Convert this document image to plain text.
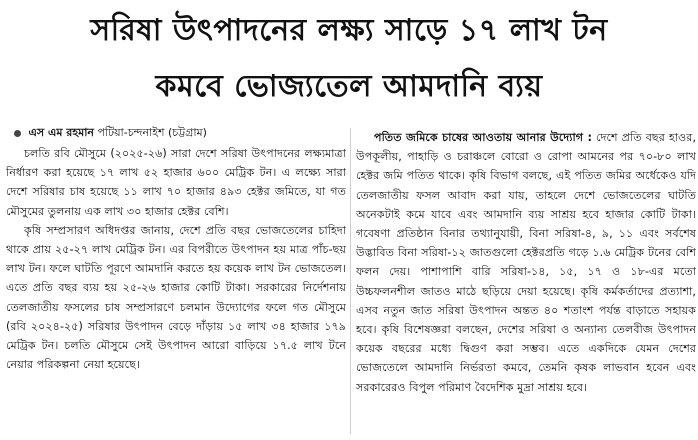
সরিষা উৎপাদনের লক্ষ্য সাড়ে ১৭ লাখ টন
কমবে ভোজ্যতেল আমদানি ব্যয়
এস এম রহমান পটিয়া-চন্দনাইশ (চট্টগ্রাম)

চলতি রবি মৌসুমে (২০২৫-২৬) সারা দেশে সরিষা উৎপাদনের লক্ষ্যমাত্রা নির্ধারণ করা হয়েছে ১৭ লাখ ৫২ হাজার ৬০০ মেট্রিক টন। এ লক্ষ্যে সারা দেশে সরিষার চাষ হয়েছে ১১ লাখ ৭০ হাজার ৪৯৩ হেক্টর জমিতে, যা গত মৌসুমের তুলনায় এক লাখ ৩০ হাজার হেক্টর বেশি।

কৃষি সম্প্রসারণ অধিদপ্তর জানায়, দেশে প্রতি বছর ভোজতেলের চাহিদা থাকে প্রায় ২৫-২৭ লাখ মেট্রিক টন। এর বিপরীতে উৎপাদন হয় মাত্র পাঁচ-ছয় লাখ টন। ফলে ঘাটতি পূরণে আমদানি করতে হয় কয়েক লাখ টন ভোজতেল। এতে প্রতি বছর ব্যয় হয় ২৫-২৬ হাজার কোটি টাকা। সরকারের নির্দেশনায় তেলজাতীয় ফসলের চাষ সম্প্রসারণে চলমান উদ্যোগের ফলে গত মৌসুমে (রবি ২০২৪-২৫) সরিষার উৎপাদন বেড়ে দাঁড়ায় ১৫ লাখ ৩৪ হাজার ১৭৯ মেট্রিক টন। চলতি মৌসুমে সেই উৎপাদন আরো বাড়িয়ে ১৭.৫ লাখ টনে নেয়ার পরিকল্পনা নেয়া হয়েছে।

পতিত জমিকে চাষের আওতায় আনার উদ্যোগ : দেশে প্রতি বছর হাওর, উপকূলীয়, পাহাড়ি ও চরাঞ্চলে বোরো ও রোপা আমনের পর ৭০-৮০ লাখ হেক্টর জমি পতিত থাকে। কৃষি বিভাগ বলছে, এই পতিত জমির অর্ধেকেও যদি তেলজাতীয় ফসল আবাদ করা যায়, তাহলে দেশে ভোজতেলের ঘাটতি অনেকটাই কমে যাবে এবং আমদানি ব্যয় সাশ্রয় হবে হাজার কোটি টাকা। গবেষণা প্রতিষ্ঠান বিনার তথ্যানুযায়ী, বিনা সরিষা-৪, ৯, ১১ এবং সর্বশেষ উদ্ভাবিত বিনা সরিষা-১২ জাতগুলো হেক্টরপ্রতি গড়ে ১.৬ মেট্রিক টনের বেশি ফলন দেয়। পাশাপাশি বারি সরিষা-১৪, ১৫, ১৭ ও ১৮-এর মতো উচ্চফলনশীল জাতও মাঠে ছড়িয়ে দেয়া হয়েছে। কৃষি কর্মকর্তাদের প্রত্যাশা, এসব নতুন জাত সরিষা উৎপাদন অন্তত ৪০ শতাংশ পর্যন্ত বাড়াতে সহায়ক হবে। কৃষি বিশেষজ্ঞরা বলছেন, দেশের সরিষা ও অন্যান্য তেলবীজ উৎপাদন কয়েক বছরের মধ্যে দ্বিগুণ করা সম্ভব। এতে একদিকে যেমন দেশের ভোজতেলে আমদানি নির্ভরতা কমবে, তেমনি কৃষক লাভবান হবেন এবং সরকারেরও বিপুল পরিমাণ বৈদেশিক মুদ্রা সাশ্রয় হবে।
